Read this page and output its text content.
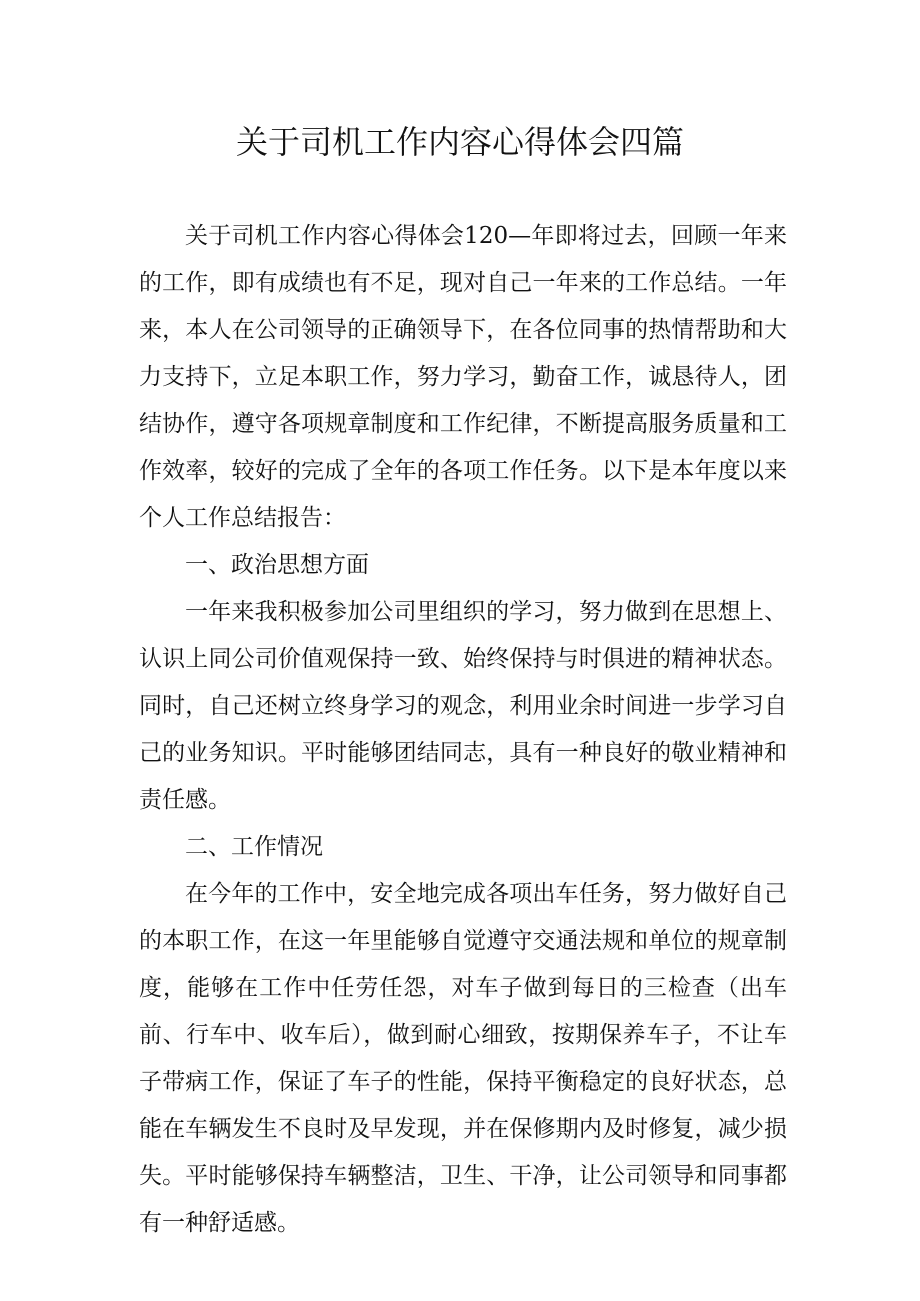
关于司机工作内容心得体会四篇

关于司机工作内容心得体会120—年即将过去，回顾一年来的工作，即有成绩也有不足，现对自己一年来的工作总结。一年来，本人在公司领导的正确领导下，在各位同事的热情帮助和大力支持下，立足本职工作，努力学习，勤奋工作，诚恳待人，团结协作，遵守各项规章制度和工作纪律，不断提高服务质量和工作效率，较好的完成了全年的各项工作任务。以下是本年度以来个人工作总结报告：

一、政治思想方面

一年来我积极参加公司里组织的学习，努力做到在思想上、认识上同公司价值观保持一致、始终保持与时俱进的精神状态。同时，自己还树立终身学习的观念，利用业余时间进一步学习自己的业务知识。平时能够团结同志，具有一种良好的敬业精神和责任感。

二、工作情况

在今年的工作中，安全地完成各项出车任务，努力做好自己的本职工作，在这一年里能够自觉遵守交通法规和单位的规章制度，能够在工作中任劳任怨，对车子做到每日的三检查（出车前、行车中、收车后），做到耐心细致，按期保养车子，不让车子带病工作，保证了车子的性能，保持平衡稳定的良好状态，总能在车辆发生不良时及早发现，并在保修期内及时修复，减少损失。平时能够保持车辆整洁，卫生、干净，让公司领导和同事都有一种舒适感。
